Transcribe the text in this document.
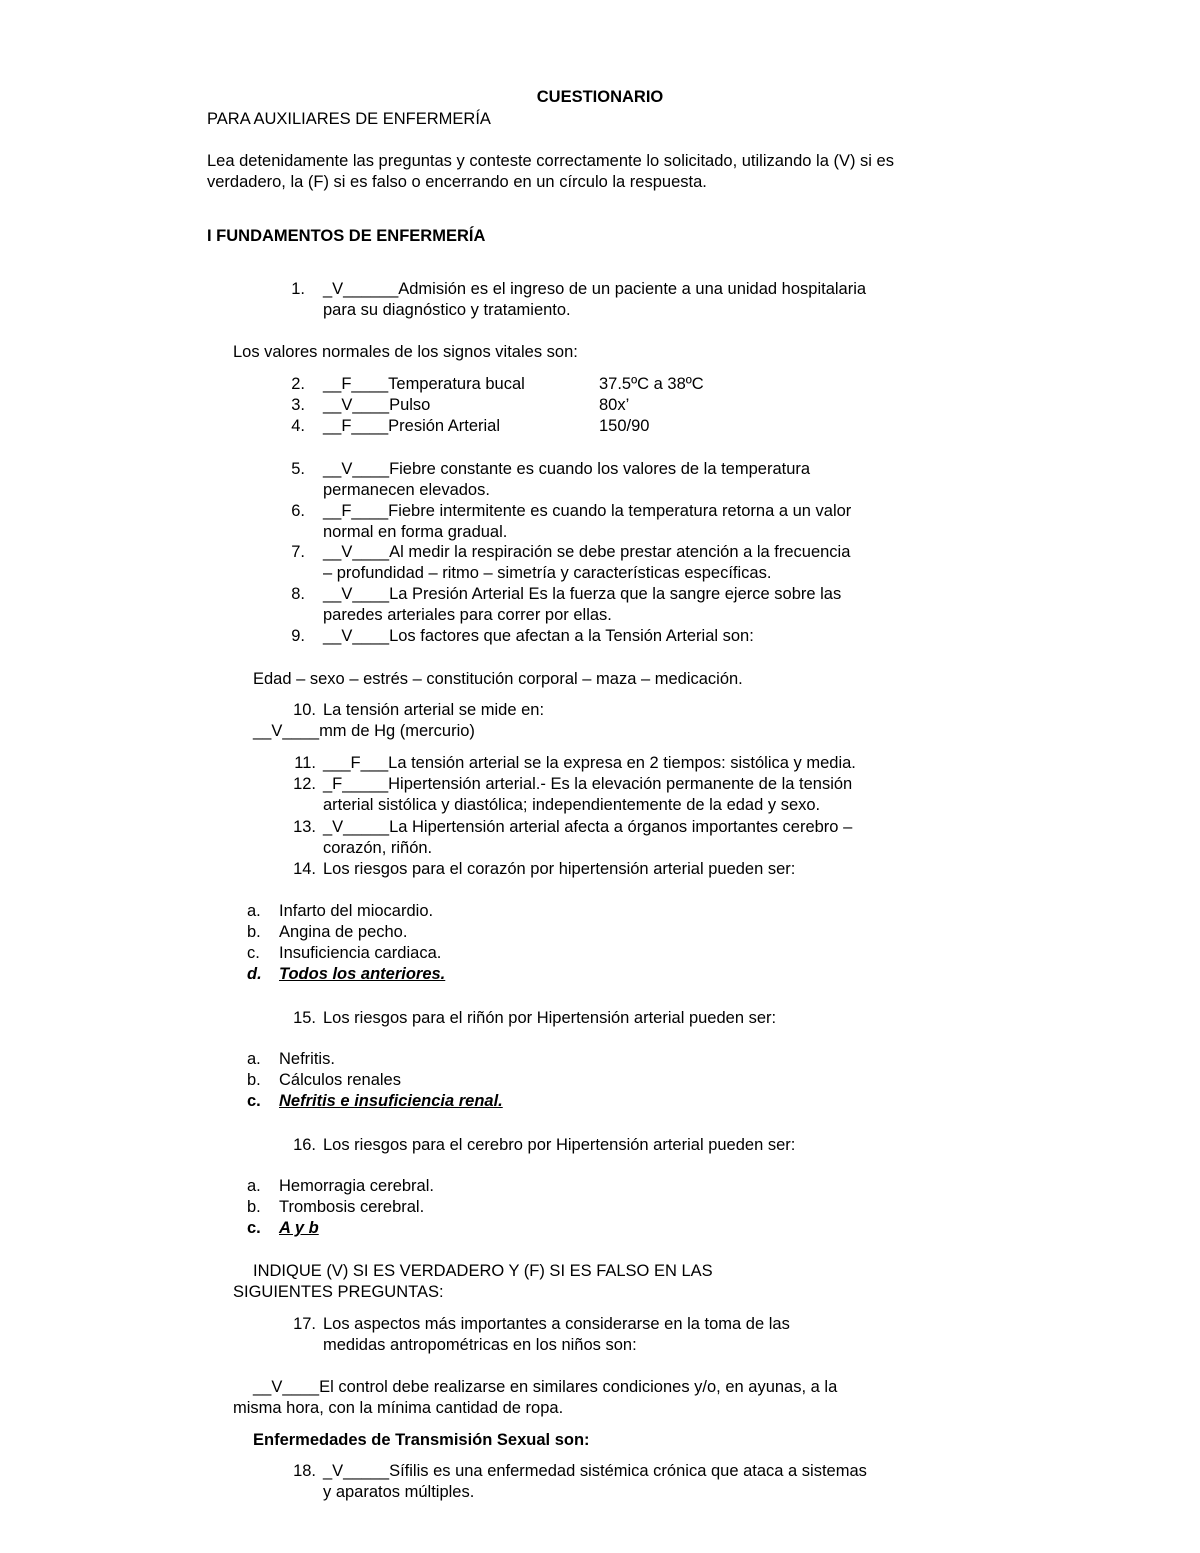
CUESTIONARIO
PARA AUXILIARES DE ENFERMERÍA
Lea detenidamente las preguntas y conteste correctamente lo solicitado, utilizando la (V) si es
verdadero, la (F) si es falso o encerrando en un círculo la respuesta.
I FUNDAMENTOS DE ENFERMERÍA
1. _V______Admisión es el ingreso de un paciente a una unidad hospitalaria
para su diagnóstico y tratamiento.
Los valores normales de los signos vitales son:
2. __F____Temperatura bucal	37.5ºC a 38ºC
3. __V____Pulso	80x’
4. __F____Presión Arterial	150/90
5. __V____Fiebre constante es cuando los valores de la temperatura
permanecen elevados.
6. __F____Fiebre intermitente es cuando la temperatura retorna a un valor
normal en forma gradual.
7. __V____Al medir la respiración se debe prestar atención a la frecuencia
– profundidad – ritmo – simetría y características específicas.
8. __V____La Presión Arterial Es la fuerza que la sangre ejerce sobre las
paredes arteriales para correr por ellas.
9. __V____Los factores que afectan a la Tensión Arterial son:
Edad – sexo – estrés – constitución corporal – maza – medicación.
10. La tensión arterial se mide en:
__V____mm de Hg (mercurio)
11. ___F___La tensión arterial se la expresa en 2 tiempos: sistólica y media.
12. _F_____Hipertensión arterial.- Es la elevación permanente de la tensión
arterial sistólica y diastólica; independientemente de la edad y sexo.
13. _V_____La Hipertensión arterial afecta a órganos importantes cerebro –
corazón, riñón.
14. Los riesgos para el corazón por hipertensión arterial pueden ser:
a. Infarto del miocardio.
b. Angina de pecho.
c. Insuficiencia cardiaca.
d. Todos los anteriores.
15. Los riesgos para el riñón por Hipertensión arterial pueden ser:
a. Nefritis.
b. Cálculos renales
c. Nefritis e insuficiencia renal.
16. Los riesgos para el cerebro por Hipertensión arterial pueden ser:
a. Hemorragia cerebral.
b. Trombosis cerebral.
c. A y b
INDIQUE (V) SI ES VERDADERO Y (F) SI ES FALSO EN LAS
SIGUIENTES PREGUNTAS:
17. Los aspectos más importantes a considerarse en la toma de las
medidas antropométricas en los niños son:
__V____El control debe realizarse en similares condiciones y/o, en ayunas, a la
misma hora, con la mínima cantidad de ropa.
Enfermedades de Transmisión Sexual son:
18. _V_____Sífilis es una enfermedad sistémica crónica que ataca a sistemas
y aparatos múltiples.
